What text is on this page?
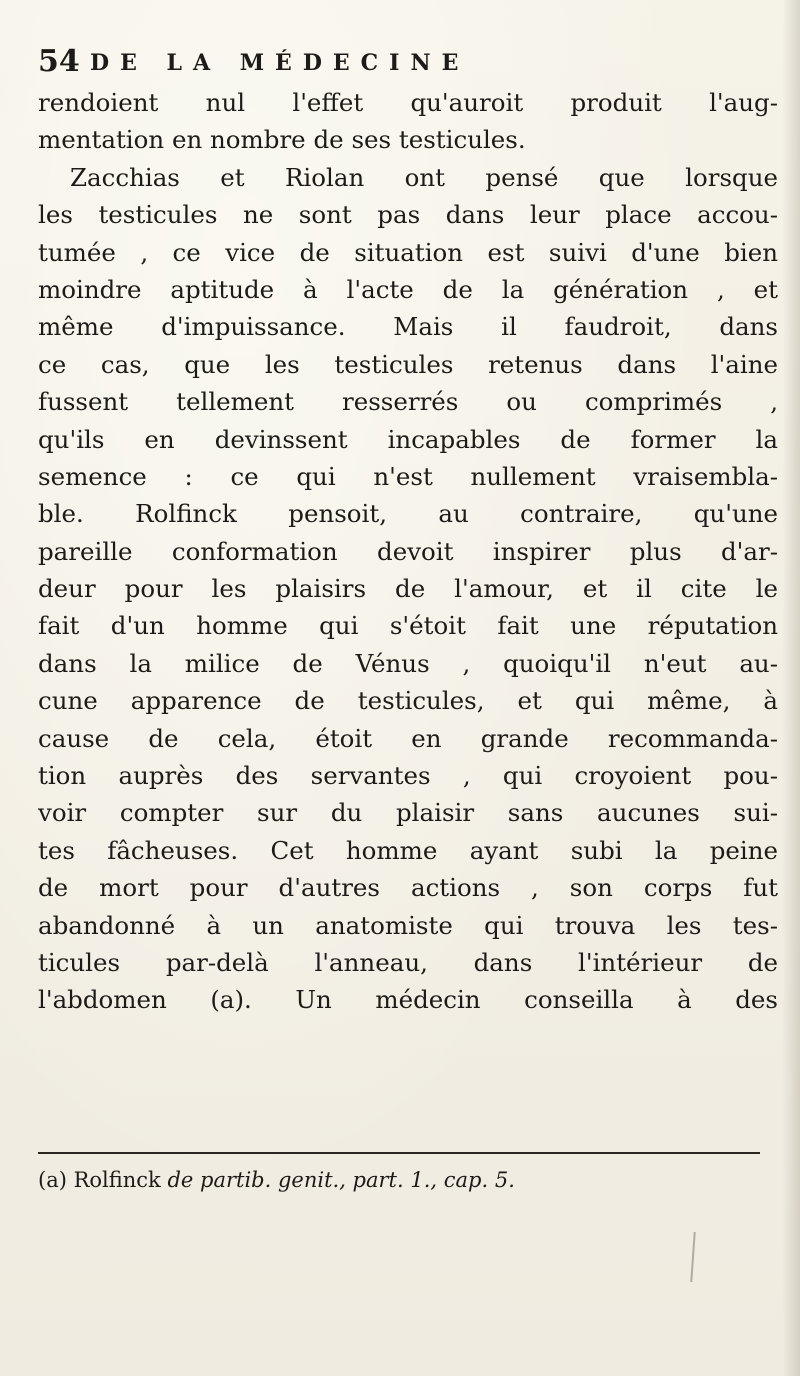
54 DE LA MÉDECINE
rendoient nul l'effet qu'auroit produit l'aug-
mentation en nombre de ses testicules.
Zacchias et Riolan ont pensé que lorsque
les testicules ne sont pas dans leur place accou-
tumée , ce vice de situation est suivi d'une bien
moindre aptitude à l'acte de la génération , et
même d'impuissance. Mais il faudroit, dans
ce cas, que les testicules retenus dans l'aine
fussent tellement resserrés ou comprimés ,
qu'ils en devinssent incapables de former la
semence : ce qui n'est nullement vraisembla-
ble. Rolfinck pensoit, au contraire, qu'une
pareille conformation devoit inspirer plus d'ar-
deur pour les plaisirs de l'amour, et il cite le
fait d'un homme qui s'étoit fait une réputation
dans la milice de Vénus , quoiqu'il n'eut au-
cune apparence de testicules, et qui même, à
cause de cela, étoit en grande recommanda-
tion auprès des servantes , qui croyoient pou-
voir compter sur du plaisir sans aucunes sui-
tes fâcheuses. Cet homme ayant subi la peine
de mort pour d'autres actions , son corps fut
abandonné à un anatomiste qui trouva les tes-
ticules par-delà l'anneau, dans l'intérieur de
l'abdomen (a). Un médecin conseilla à des
(a) Rolfinck de partib. genit., part. 1., cap. 5.
